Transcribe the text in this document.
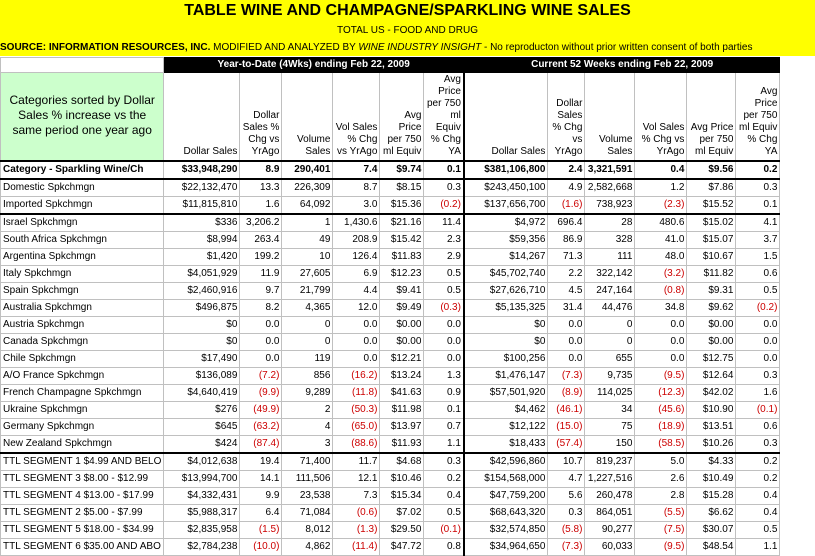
TABLE WINE AND CHAMPAGNE/SPARKLING WINE SALES
TOTAL US - FOOD AND DRUG
SOURCE: INFORMATION RESOURCES, INC. MODIFIED AND ANALYZED BY WINE INDUSTRY INSIGHT - No reproducton without prior written consent of both parties
	Year-to-Date (4Wks) ending Feb 22, 2009						Current 52 Weeks ending Feb 22, 2009					
Categories sorted by Dollar Sales % increase vs the same period one year ago	Dollar Sales	Dollar Sales % Chg vs YrAgo	Volume Sales	Vol Sales % Chg vs YrAgo	Avg Price per 750 ml Equiv	Avg Price per 750 ml Equiv % Chg YA	Dollar Sales	Dollar Sales % Chg vs YrAgo	Volume Sales	Vol Sales % Chg vs YrAgo	Avg Price per 750 ml Equiv	Avg Price per 750 ml Equiv % Chg YA
Category - Sparkling Wine/Ch	$33,948,290	8.9	290,401	7.4	$9.74	0.1	$381,106,800	2.4	3,321,591	0.4	$9.56	0.2
Domestic Spkchmgn	$22,132,470	13.3	226,309	8.7	$8.15	0.3	$243,450,100	4.9	2,582,668	1.2	$7.86	0.3
Imported Spkchmgn	$11,815,810	1.6	64,092	3.0	$15.36	(0.2)	$137,656,700	(1.6)	738,923	(2.3)	$15.52	0.1
Israel Spkchmgn	$336	3,206.2	1	1,430.6	$21.16	11.4	$4,972	696.4	28	480.6	$15.02	4.1
South Africa Spkchmgn	$8,994	263.4	49	208.9	$15.42	2.3	$59,356	86.9	328	41.0	$15.07	3.7
Argentina Spkchmgn	$1,420	199.2	10	126.4	$11.83	2.9	$14,267	71.3	111	48.0	$10.67	1.5
Italy Spkchmgn	$4,051,929	11.9	27,605	6.9	$12.23	0.5	$45,702,740	2.2	322,142	(3.2)	$11.82	0.6
Spain Spkchmgn	$2,460,916	9.7	21,799	4.4	$9.41	0.5	$27,626,710	4.5	247,164	(0.8)	$9.31	0.5
Australia Spkchmgn	$496,875	8.2	4,365	12.0	$9.49	(0.3)	$5,135,325	31.4	44,476	34.8	$9.62	(0.2)
Austria Spkchmgn	$0	0.0	0	0.0	$0.00	0.0	$0	0.0	0	0.0	$0.00	0.0
Canada Spkchmgn	$0	0.0	0	0.0	$0.00	0.0	$0	0.0	0	0.0	$0.00	0.0
Chile Spkchmgn	$17,490	0.0	119	0.0	$12.21	0.0	$100,256	0.0	655	0.0	$12.75	0.0
A/O France Spkchmgn	$136,089	(7.2)	856	(16.2)	$13.24	1.3	$1,476,147	(7.3)	9,735	(9.5)	$12.64	0.3
French Champagne Spkchmgn	$4,640,419	(9.9)	9,289	(11.8)	$41.63	0.9	$57,501,920	(8.9)	114,025	(12.3)	$42.02	1.6
Ukraine Spkchmgn	$276	(49.9)	2	(50.3)	$11.98	0.1	$4,462	(46.1)	34	(45.6)	$10.90	(0.1)
Germany Spkchmgn	$645	(63.2)	4	(65.0)	$13.97	0.7	$12,122	(15.0)	75	(18.9)	$13.51	0.6
New Zealand Spkchmgn	$424	(87.4)	3	(88.6)	$11.93	1.1	$18,433	(57.4)	150	(58.5)	$10.26	0.3
TTL SEGMENT 1 $4.99 AND BELO	$4,012,638	19.4	71,400	11.7	$4.68	0.3	$42,596,860	10.7	819,237	5.0	$4.33	0.2
TTL SEGMENT 3 $8.00 - $12.99	$13,994,700	14.1	111,506	12.1	$10.46	0.2	$154,568,000	4.7	1,227,516	2.6	$10.49	0.2
TTL SEGMENT 4 $13.00 - $17.99	$4,332,431	9.9	23,538	7.3	$15.34	0.4	$47,759,200	5.6	260,478	2.8	$15.28	0.4
TTL SEGMENT 2 $5.00 - $7.99	$5,988,317	6.4	71,084	(0.6)	$7.02	0.5	$68,643,320	0.3	864,051	(5.5)	$6.62	0.4
TTL SEGMENT 5 $18.00 - $34.99	$2,835,958	(1.5)	8,012	(1.3)	$29.50	(0.1)	$32,574,850	(5.8)	90,277	(7.5)	$30.07	0.5
TTL SEGMENT 6 $35.00 AND ABO	$2,784,238	(10.0)	4,862	(11.4)	$47.72	0.8	$34,964,650	(7.3)	60,033	(9.5)	$48.54	1.1
